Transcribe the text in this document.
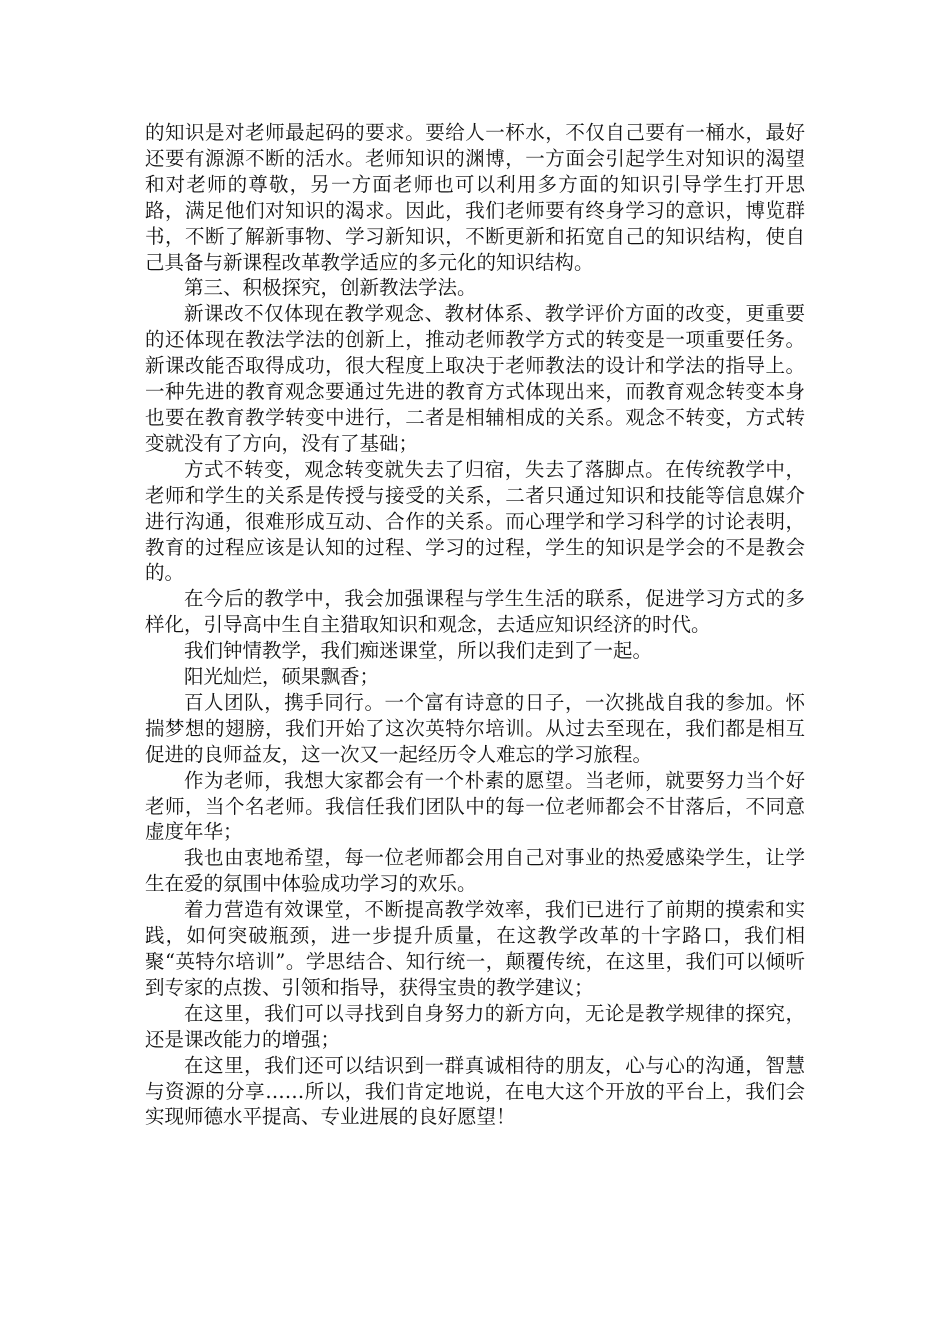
的知识是对老师最起码的要求。要给人一杯水，不仅自己要有一桶水，最好还要有源源不断的活水。老师知识的渊博，一方面会引起学生对知识的渴望和对老师的尊敬，另一方面老师也可以利用多方面的知识引导学生打开思路，满足他们对知识的渴求。因此，我们老师要有终身学习的意识，博览群书，不断了解新事物、学习新知识，不断更新和拓宽自己的知识结构，使自己具备与新课程改革教学适应的多元化的知识结构。

第三、积极探究，创新教法学法。

新课改不仅体现在教学观念、教材体系、教学评价方面的改变，更重要的还体现在教法学法的创新上，推动老师教学方式的转变是一项重要任务。新课改能否取得成功，很大程度上取决于老师教法的设计和学法的指导上。一种先进的教育观念要通过先进的教育方式体现出来，而教育观念转变本身也要在教育教学转变中进行，二者是相辅相成的关系。观念不转变，方式转变就没有了方向，没有了基础；

方式不转变，观念转变就失去了归宿，失去了落脚点。在传统教学中，老师和学生的关系是传授与接受的关系，二者只通过知识和技能等信息媒介进行沟通，很难形成互动、合作的关系。而心理学和学习科学的讨论表明，教育的过程应该是认知的过程、学习的过程，学生的知识是学会的不是教会的。

在今后的教学中，我会加强课程与学生生活的联系，促进学习方式的多样化，引导高中生自主猎取知识和观念，去适应知识经济的时代。

我们钟情教学，我们痴迷课堂，所以我们走到了一起。

阳光灿烂，硕果飘香；

百人团队，携手同行。一个富有诗意的日子，一次挑战自我的参加。怀揣梦想的翅膀，我们开始了这次英特尔培训。从过去至现在，我们都是相互促进的良师益友，这一次又一起经历令人难忘的学习旅程。

作为老师，我想大家都会有一个朴素的愿望。当老师，就要努力当个好老师，当个名老师。我信任我们团队中的每一位老师都会不甘落后，不同意虚度年华；

我也由衷地希望，每一位老师都会用自己对事业的热爱感染学生，让学生在爱的氛围中体验成功学习的欢乐。

着力营造有效课堂，不断提高教学效率，我们已进行了前期的摸索和实践，如何突破瓶颈，进一步提升质量，在这教学改革的十字路口，我们相聚“英特尔培训”。学思结合、知行统一，颠覆传统，在这里，我们可以倾听到专家的点拨、引领和指导，获得宝贵的教学建议；

在这里，我们可以寻找到自身努力的新方向，无论是教学规律的探究，还是课改能力的增强；

在这里，我们还可以结识到一群真诚相待的朋友，心与心的沟通，智慧与资源的分享……所以，我们肯定地说，在电大这个开放的平台上，我们会实现师德水平提高、专业进展的良好愿望！
